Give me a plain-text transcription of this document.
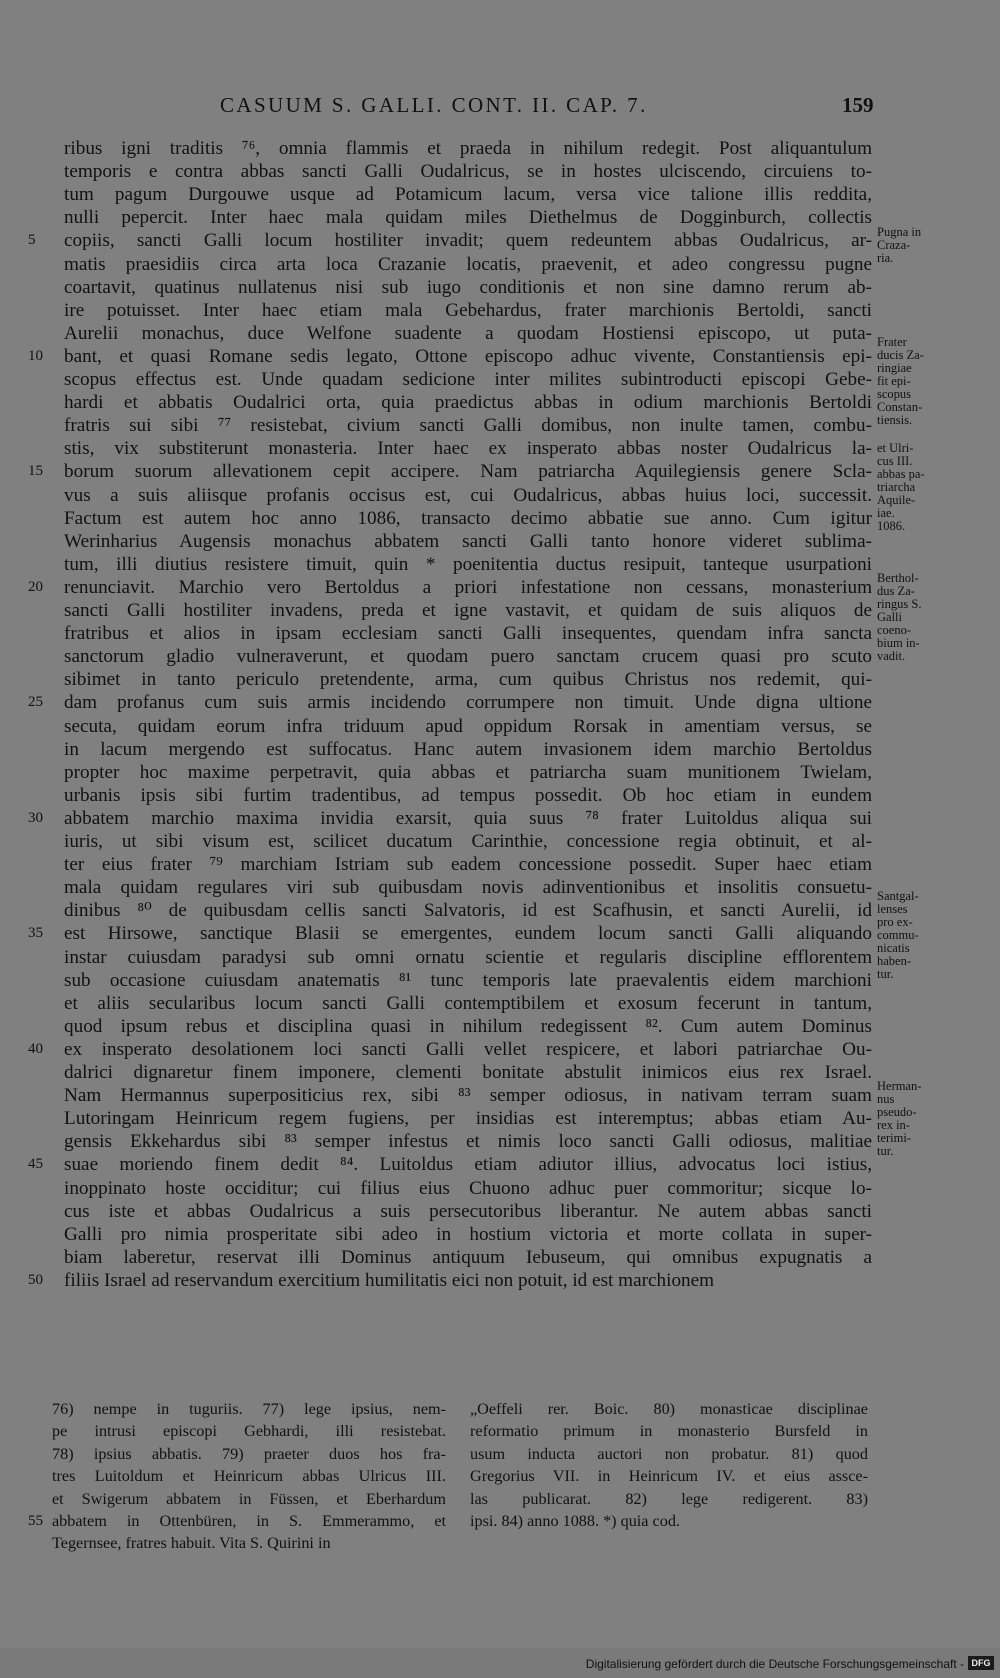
CASUUM S. GALLI. CONT. II. CAP. 7.	159
ribus igni traditis ⁷⁶, omnia flammis et praeda in nihilum redegit. Post aliquantulum
temporis e contra abbas sancti Galli Oudalricus, se in hostes ulciscendo, circuiens to-
tum pagum Durgouwe usque ad Potamicum lacum, versa vice talione illis reddita,
nulli pepercit. Inter haec mala quidam miles Diethelmus de Dogginburch, collectis
copiis, sancti Galli locum hostiliter invadit; quem redeuntem abbas Oudalricus, ar-
matis praesidiis circa arta loca Crazanie locatis, praevenit, et adeo congressu pugne
coartavit, quatinus nullatenus nisi sub iugo conditionis et non sine damno rerum ab-
ire potuisset. Inter haec etiam mala Gebehardus, frater marchionis Bertoldi, sancti
Aurelii monachus, duce Welfone suadente a quodam Hostiensi episcopo, ut puta-
bant, et quasi Romane sedis legato, Ottone episcopo adhuc vivente, Constantiensis epi-
scopus effectus est. Unde quadam sedicione inter milites subintroducti episcopi Gebe-
hardi et abbatis Oudalrici orta, quia praedictus abbas in odium marchionis Bertoldi
fratris sui sibi ⁷⁷ resistebat, civium sancti Galli domibus, non inulte tamen, combu-
stis, vix substiterunt monasteria. Inter haec ex insperato abbas noster Oudalricus la-
borum suorum allevationem cepit accipere. Nam patriarcha Aquilegiensis genere Scla-
vus a suis aliisque profanis occisus est, cui Oudalricus, abbas huius loci, successit.
Factum est autem hoc anno 1086, transacto decimo abbatie sue anno. Cum igitur
Werinharius Augensis monachus abbatem sancti Galli tanto honore videret sublima-
tum, illi diutius resistere timuit, quin * poenitentia ductus resipuit, tanteque usurpationi
renunciavit. Marchio vero Bertoldus a priori infestatione non cessans, monasterium
sancti Galli hostiliter invadens, preda et igne vastavit, et quidam de suis aliquos de
fratribus et alios in ipsam ecclesiam sancti Galli insequentes, quendam infra sancta
sanctorum gladio vulneraverunt, et quodam puero sanctam crucem quasi pro scuto
sibimet in tanto periculo pretendente, arma, cum quibus Christus nos redemit, qui-
dam profanus cum suis armis incidendo corrumpere non timuit. Unde digna ultione
secuta, quidam eorum infra triduum apud oppidum Rorsak in amentiam versus, se
in lacum mergendo est suffocatus. Hanc autem invasionem idem marchio Bertoldus
propter hoc maxime perpetravit, quia abbas et patriarcha suam munitionem Twielam,
urbanis ipsis sibi furtim tradentibus, ad tempus possedit. Ob hoc etiam in eundem
abbatem marchio maxima invidia exarsit, quia suus ⁷⁸ frater Luitoldus aliqua sui
iuris, ut sibi visum est, scilicet ducatum Carinthie, concessione regia obtinuit, et al-
ter eius frater ⁷⁹ marchiam Istriam sub eadem concessione possedit. Super haec etiam
mala quidam regulares viri sub quibusdam novis adinventionibus et insolitis consuetu-
dinibus ⁸⁰ de quibusdam cellis sancti Salvatoris, id est Scafhusin, et sancti Aurelii, id
est Hirsowe, sanctique Blasii se emergentes, eundem locum sancti Galli aliquando
instar cuiusdam paradysi sub omni ornatu scientie et regularis discipline efflorentem
sub occasione cuiusdam anatematis ⁸¹ tunc temporis late praevalentis eidem marchioni
et aliis secularibus locum sancti Galli contemptibilem et exosum fecerunt in tantum,
quod ipsum rebus et disciplina quasi in nihilum redegissent ⁸². Cum autem Dominus
ex insperato desolationem loci sancti Galli vellet respicere, et labori patriarchae Ou-
dalrici dignaretur finem imponere, clementi bonitate abstulit inimicos eius rex Israel.
Nam Hermannus superpositicius rex, sibi ⁸³ semper odiosus, in nativam terram suam
Lutoringam Heinricum regem fugiens, per insidias est interemptus; abbas etiam Au-
gensis Ekkehardus sibi ⁸³ semper infestus et nimis loco sancti Galli odiosus, malitiae
suae moriendo finem dedit ⁸⁴. Luitoldus etiam adiutor illius, advocatus loci istius,
inoppinato hoste occiditur; cui filius eius Chuono adhuc puer commoritur; sicque lo-
cus iste et abbas Oudalricus a suis persecutoribus liberantur. Ne autem abbas sancti
Galli pro nimia prosperitate sibi adeo in hostium victoria et morte collata in super-
biam laberetur, reservat illi Dominus antiquum Iebuseum, qui omnibus expugnatis a
filiis Israel ad reservandum exercitium humilitatis eici non potuit, id est marchionem
5
10
15
20
25
30
35
40
45
50
Pugna in
Craza-
ria.
Frater
ducis Za-
ringiae
fit epi-
scopus
Constan-
tiensis.
et Ulri-
cus III.
abbas pa-
triarcha
Aquile-
iae.
1086.
Berthol-
dus Za-
ringus S.
Galli
coeno-
bium in-
vadit.
Santgal-
lenses
pro ex-
commu-
nicatis
haben-
tur.
Herman-
nus
pseudo-
rex in-
terimi-
tur.
76) nempe in tuguriis. 77) lege ipsius, nem-
pe intrusi episcopi Gebhardi, illi resistebat.
78) ipsius abbatis. 79) praeter duos hos fra-
tres Luitoldum et Heinricum abbas Ulricus III.
et Swigerum abbatem in Füssen, et Eberhardum
abbatem in Ottenbüren, in S. Emmerammo, et
Tegernsee, fratres habuit. Vita S. Quirini in
„Oeffeli rer. Boic. 80) monasticae disciplinae
reformatio primum in monasterio Bursfeld in
usum inducta auctori non probatur. 81) quod
Gregorius VII. in Heinricum IV. et eius assce-
las publicarat. 82) lege redigerent. 83)
ipsi. 84) anno 1088. *) quia cod.
55
Digitalisierung gefördert durch die Deutsche Forschungsgemeinschaft - DFG
